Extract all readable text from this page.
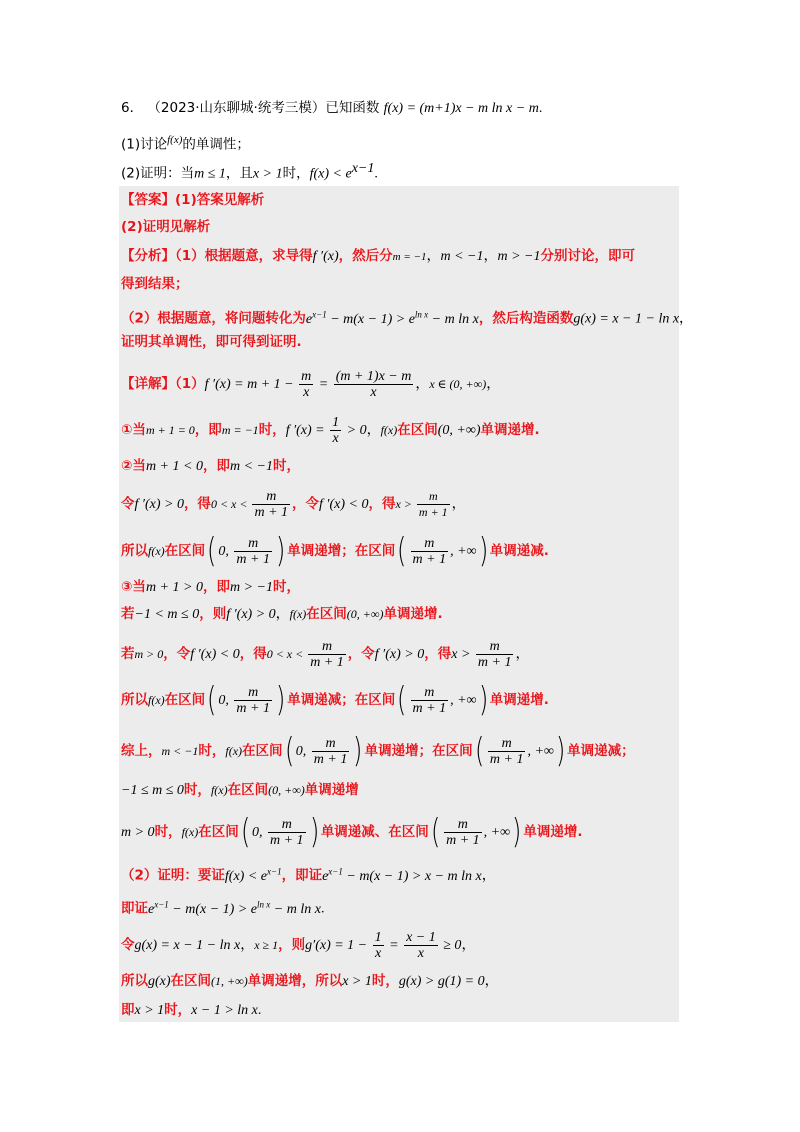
6． （2023·山东聊城·统考三模）已知函数 f(x) = (m+1)x − m ln x − m.
(1)讨论$^{f(x)}$的单调性；
(2)证明：当m ≤ 1，且x > 1时，$f(x) < e^{x-1}$.
【答案】(1)答案见解析
(2)证明见解析
【分析】（1）根据题意，求导得f ′(x)，然后分m = −1，m < −1，m > −1分别讨论，即可
得到结果；
（2）根据题意，将问题转化为$e^{x-1} - m(x - 1) > e^{ln x} - m$ ln x，然后构造函数g(x) = x − 1 − ln x，
证明其单调性，即可得到证明.
【详解】（1）f $'(x) = m + 1 - \frac{m}{x} = \frac{(m + 1)x - m}{x}$ ，x ∈ (0, +∞)，
①当m + 1 = 0，即m = −1时，f $'(x) = \frac{1}{x} > 0$，f(x)在区间(0, +∞)单调递增.
②当m + 1 < 0，即m < −1时，
令f ′(x) > 0，得$0 < x < \frac{m}{m + 1}$ ，令f ′(x) < 0，得$x > \frac{m}{m + 1}$ ，
所以f(x)在区间( 0, $\frac{m}{m + 1}$ ) 单调递增；在区间( $\frac{m}{m + 1}$ , +∞) 单调递减.
③当m + 1 > 0，即m > −1时，
若−1 < m ≤ 0，则f ′(x) > 0，f(x)在区间(0, +∞)单调递增.
若m > 0，令f ′(x) < 0，得$0 < x < \frac{m}{m + 1}$ ，令f ′(x) > 0，得$x > \frac{m}{m + 1}$ ，
所以f(x)在区间( 0, $\frac{m}{m + 1}$ ) 单调递减；在区间( $\frac{m}{m + 1}$ , +∞) 单调递增.
综上，m < −1时，f(x)在区间( 0, $\frac{m}{m + 1}$ ) 单调递增；在区间( $\frac{m}{m + 1}$ , +∞) 单调递减；
−1 ≤ m ≤ 0时，f(x)在区间(0, +∞)单调递增
m > 0时，f(x)在区间( 0, $\frac{m}{m + 1}$ ) 单调递减、在区间( $\frac{m}{m + 1}$ , +∞) 单调递增.
（2）证明：要证$f(x) < e^{x-1}$，即证$e^{x-1} - m(x - 1) > x - m$ ln x，
即证$e^{x-1} - m(x - 1) > e^{ln x} - m$ ln x.
令g(x) = x − 1 − ln x，x ≥ 1，则$g'(x) = 1 - \frac{1}{x} = \frac{x - 1}{x} \ge 0$，
所以g(x)在区间(1, +∞)单调递增，所以x > 1时，g(x) > g(1) = 0，
即x > 1时，x − 1 > ln x.
